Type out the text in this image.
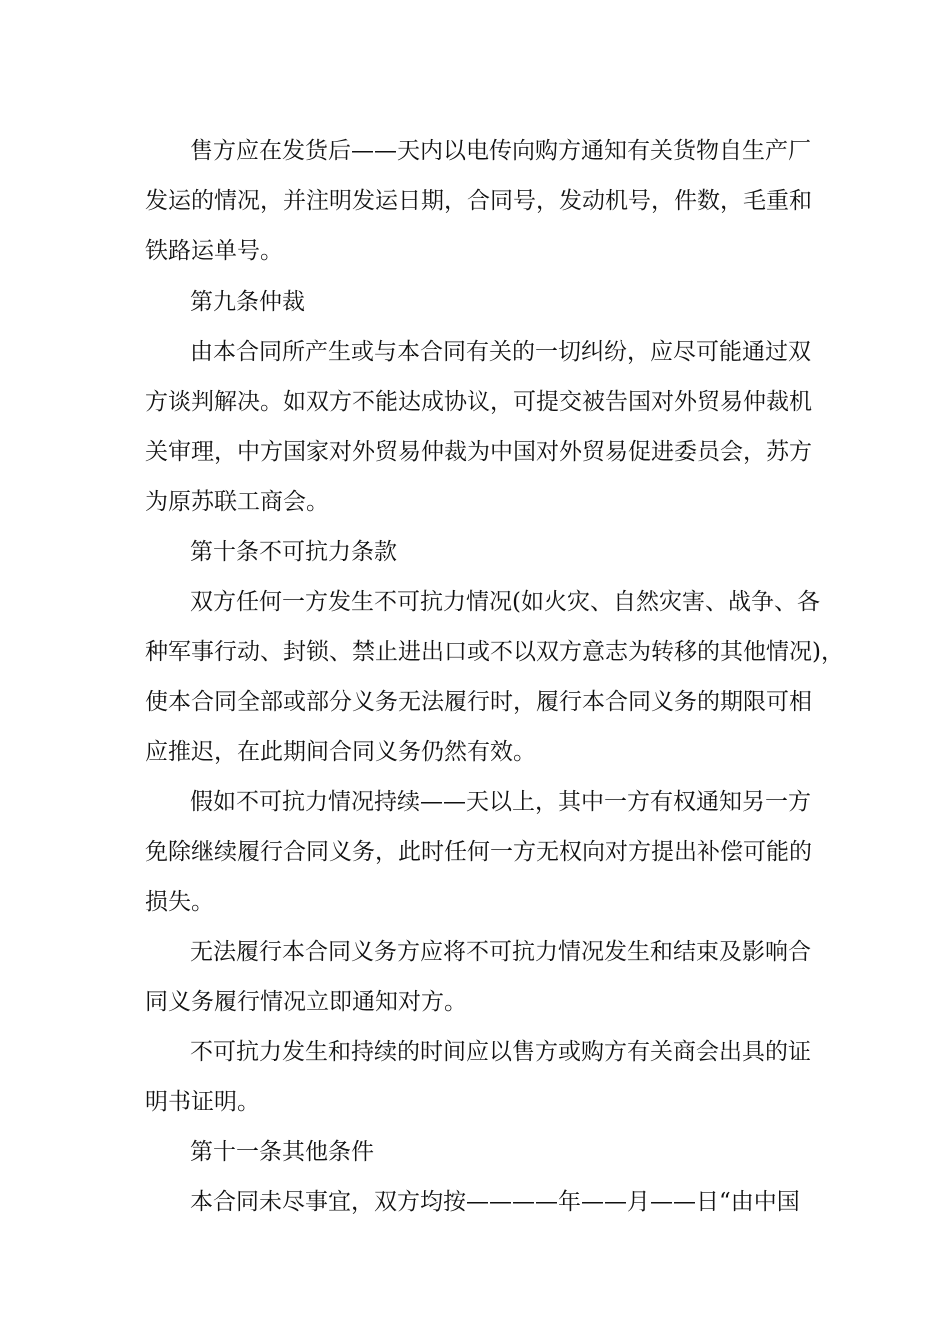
售方应在发货后——天内以电传向购方通知有关货物自生产厂
发运的情况，并注明发运日期，合同号，发动机号，件数，毛重和
铁路运单号。
第九条仲裁
由本合同所产生或与本合同有关的一切纠纷，应尽可能通过双
方谈判解决。如双方不能达成协议，可提交被告国对外贸易仲裁机
关审理，中方国家对外贸易仲裁为中国对外贸易促进委员会，苏方
为原苏联工商会。
第十条不可抗力条款
双方任何一方发生不可抗力情况(如火灾、自然灾害、战争、各
种军事行动、封锁、禁止进出口或不以双方意志为转移的其他情况)，
使本合同全部或部分义务无法履行时，履行本合同义务的期限可相
应推迟，在此期间合同义务仍然有效。
假如不可抗力情况持续——天以上，其中一方有权通知另一方
免除继续履行合同义务，此时任何一方无权向对方提出补偿可能的
损失。
无法履行本合同义务方应将不可抗力情况发生和结束及影响合
同义务履行情况立即通知对方。
不可抗力发生和持续的时间应以售方或购方有关商会出具的证
明书证明。
第十一条其他条件
本合同未尽事宜，双方均按————年——月——日“由中国
